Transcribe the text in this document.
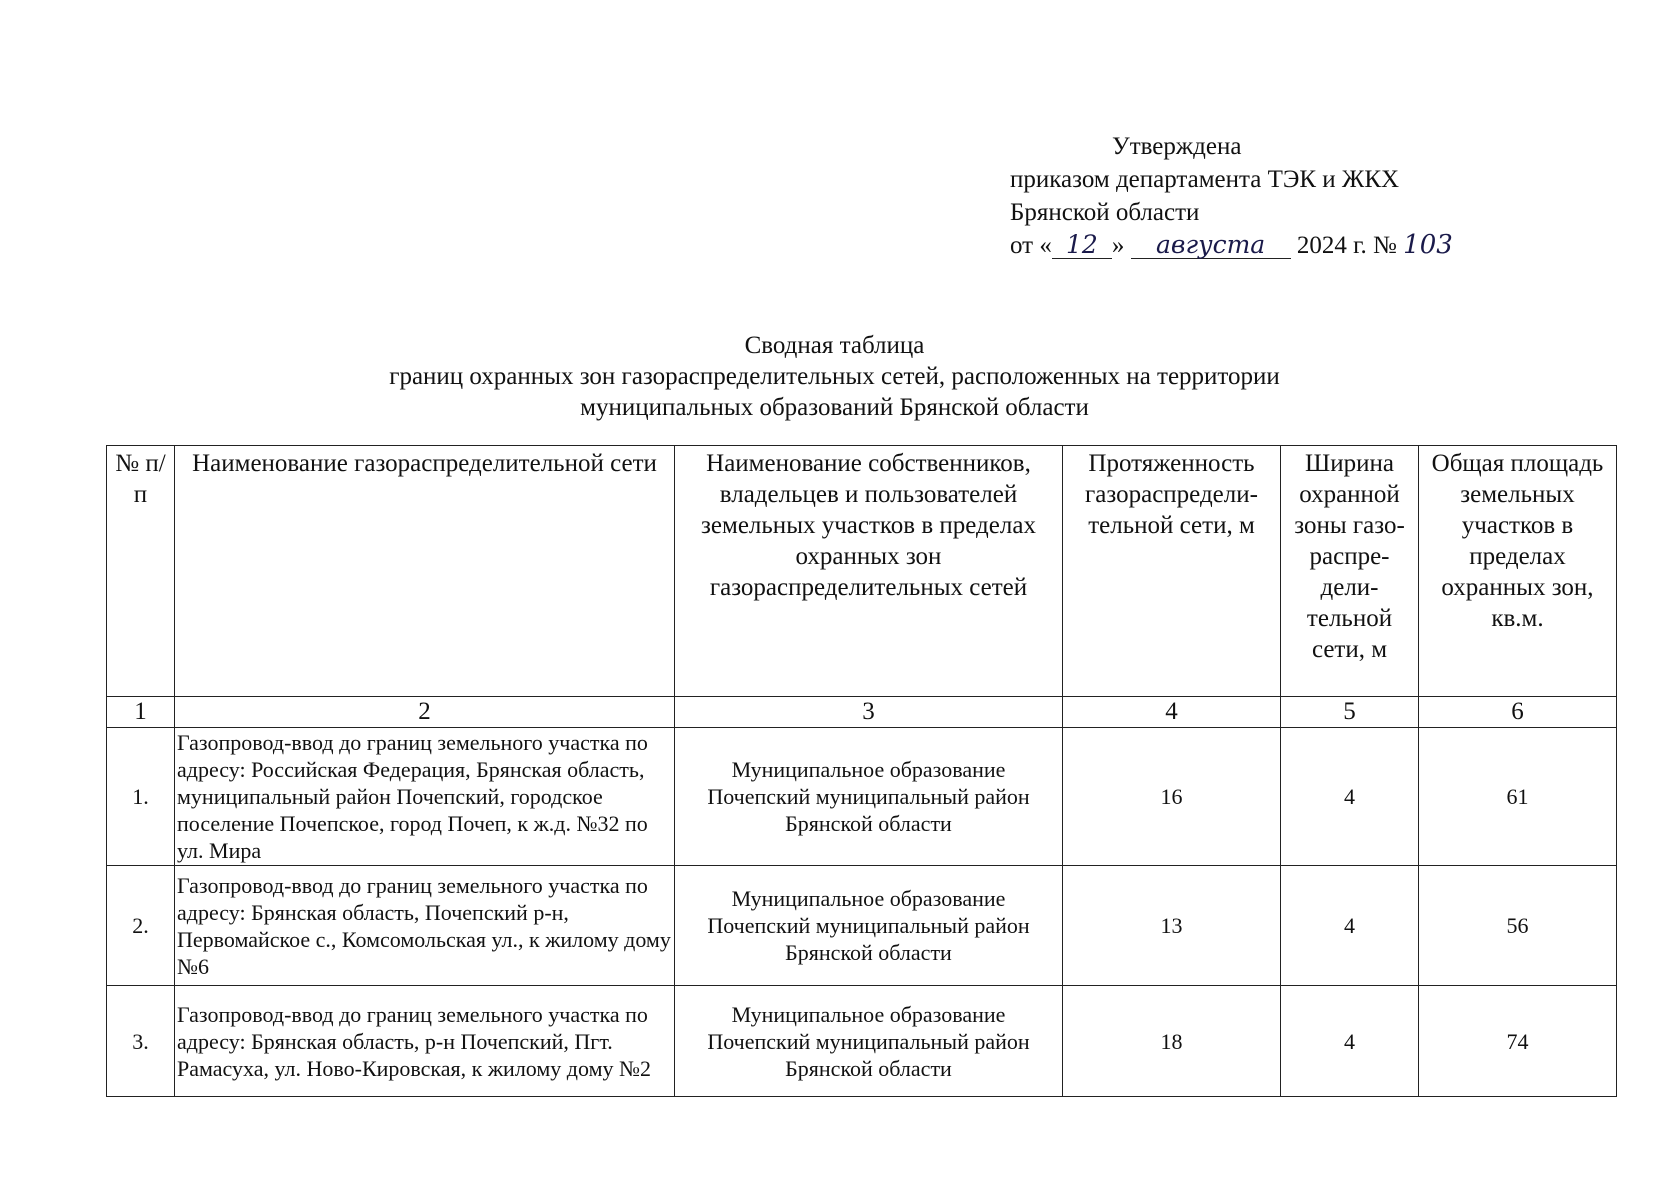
Утверждена
приказом департамента ТЭК и ЖКХ
Брянской области
от « 12 » августа 2024 г. № 103
Сводная таблица
границ охранных зон газораспределительных сетей, расположенных на территории
муниципальных образований Брянской области
№ п/п	Наименование газораспределительной сети	Наименование собственников, владельцев и пользователей земельных участков в пределах охранных зон газораспределительных сетей	Протяженность газораспредели-тельной сети, м	Ширина охранной зоны газо-распре-дели-тельной сети, м	Общая площадь земельных участков в пределах охранных зон, кв.м.
1	2	3	4	5	6
1.	Газопровод-ввод до границ земельного участка по адресу: Российская Федерация, Брянская область, муниципальный район Почепский, городское поселение Почепское, город Почеп, к ж.д. №32 по ул. Мира	Муниципальное образование Почепский муниципальный район Брянской области	16	4	61
2.	Газопровод-ввод до границ земельного участка по адресу: Брянская область, Почепский р-н, Первомайское с., Комсомольская ул., к жилому дому №6	Муниципальное образование Почепский муниципальный район Брянской области	13	4	56
3.	Газопровод-ввод до границ земельного участка по адресу: Брянская область, р-н Почепский, Пгт. Рамасуха, ул. Ново-Кировская, к жилому дому №2	Муниципальное образование Почепский муниципальный район Брянской области	18	4	74
